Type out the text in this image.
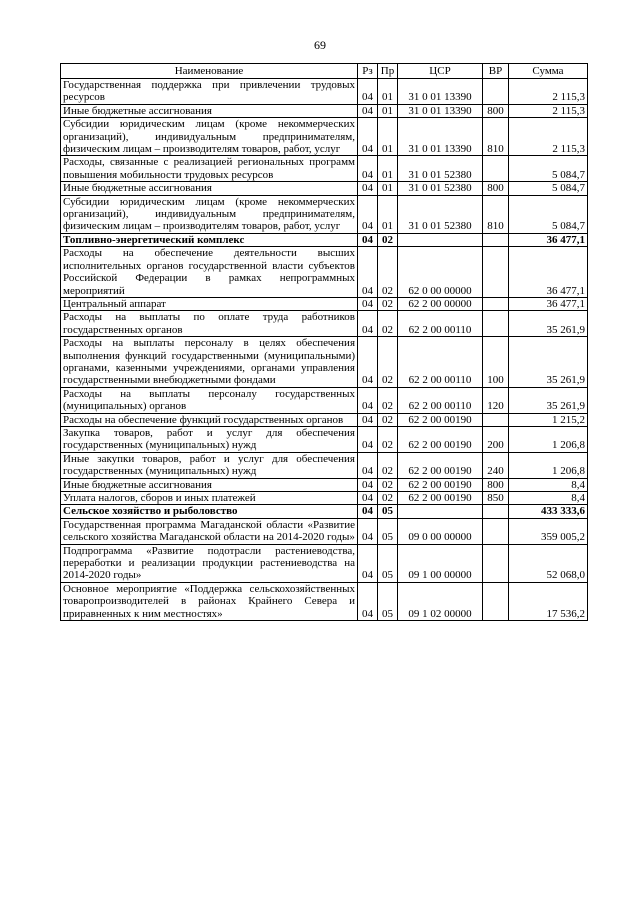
69
Наименование	Рз	Пр	ЦСР	ВР	Сумма
Государственная поддержка при привлечении трудовых ресурсов	04	01	31 0 01 13390		2 115,3
Иные бюджетные ассигнования	04	01	31 0 01 13390	800	2 115,3
Субсидии юридическим лицам (кроме некоммерческих организаций), индивидуальным предпринимателям, физическим лицам – производителям товаров, работ, услуг	04	01	31 0 01 13390	810	2 115,3
Расходы, связанные с реализацией региональных программ повышения мобильности трудовых ресурсов	04	01	31 0 01 52380		5 084,7
Иные бюджетные ассигнования	04	01	31 0 01 52380	800	5 084,7
Субсидии юридическим лицам (кроме некоммерческих организаций), индивидуальным предпринимателям, физическим лицам – производителям товаров, работ, услуг	04	01	31 0 01 52380	810	5 084,7
Топливно-энергетический комплекс	04	02			36 477,1
Расходы на обеспечение деятельности высших исполнительных органов государственной власти субъектов Российской Федерации в рамках непрограммных мероприятий	04	02	62 0 00 00000		36 477,1
Центральный аппарат	04	02	62 2 00 00000		36 477,1
Расходы на выплаты по оплате труда работников государственных органов	04	02	62 2 00 00110		35 261,9
Расходы на выплаты персоналу в целях обеспечения выполнения функций государственными (муниципальными) органами, казенными учреждениями, органами управления государственными внебюджетными фондами	04	02	62 2 00 00110	100	35 261,9
Расходы на выплаты персоналу государственных (муниципальных) органов	04	02	62 2 00 00110	120	35 261,9
Расходы на обеспечение функций государственных органов	04	02	62 2 00 00190		1 215,2
Закупка товаров, работ и услуг для обеспечения государственных (муниципальных) нужд	04	02	62 2 00 00190	200	1 206,8
Иные закупки товаров, работ и услуг для обеспечения государственных (муниципальных) нужд	04	02	62 2 00 00190	240	1 206,8
Иные бюджетные ассигнования	04	02	62 2 00 00190	800	8,4
Уплата налогов, сборов и иных платежей	04	02	62 2 00 00190	850	8,4
Сельское хозяйство и рыболовство	04	05			433 333,6
Государственная программа Магаданской области «Развитие сельского хозяйства Магаданской области на 2014-2020 годы»	04	05	09 0 00 00000		359 005,2
Подпрограмма «Развитие подотрасли растениеводства, переработки и реализации продукции растениеводства на 2014-2020 годы»	04	05	09 1 00 00000		52 068,0
Основное мероприятие «Поддержка сельскохозяйственных товаропроизводителей в районах Крайнего Севера и приравненных к ним местностях»	04	05	09 1 02 00000		17 536,2
